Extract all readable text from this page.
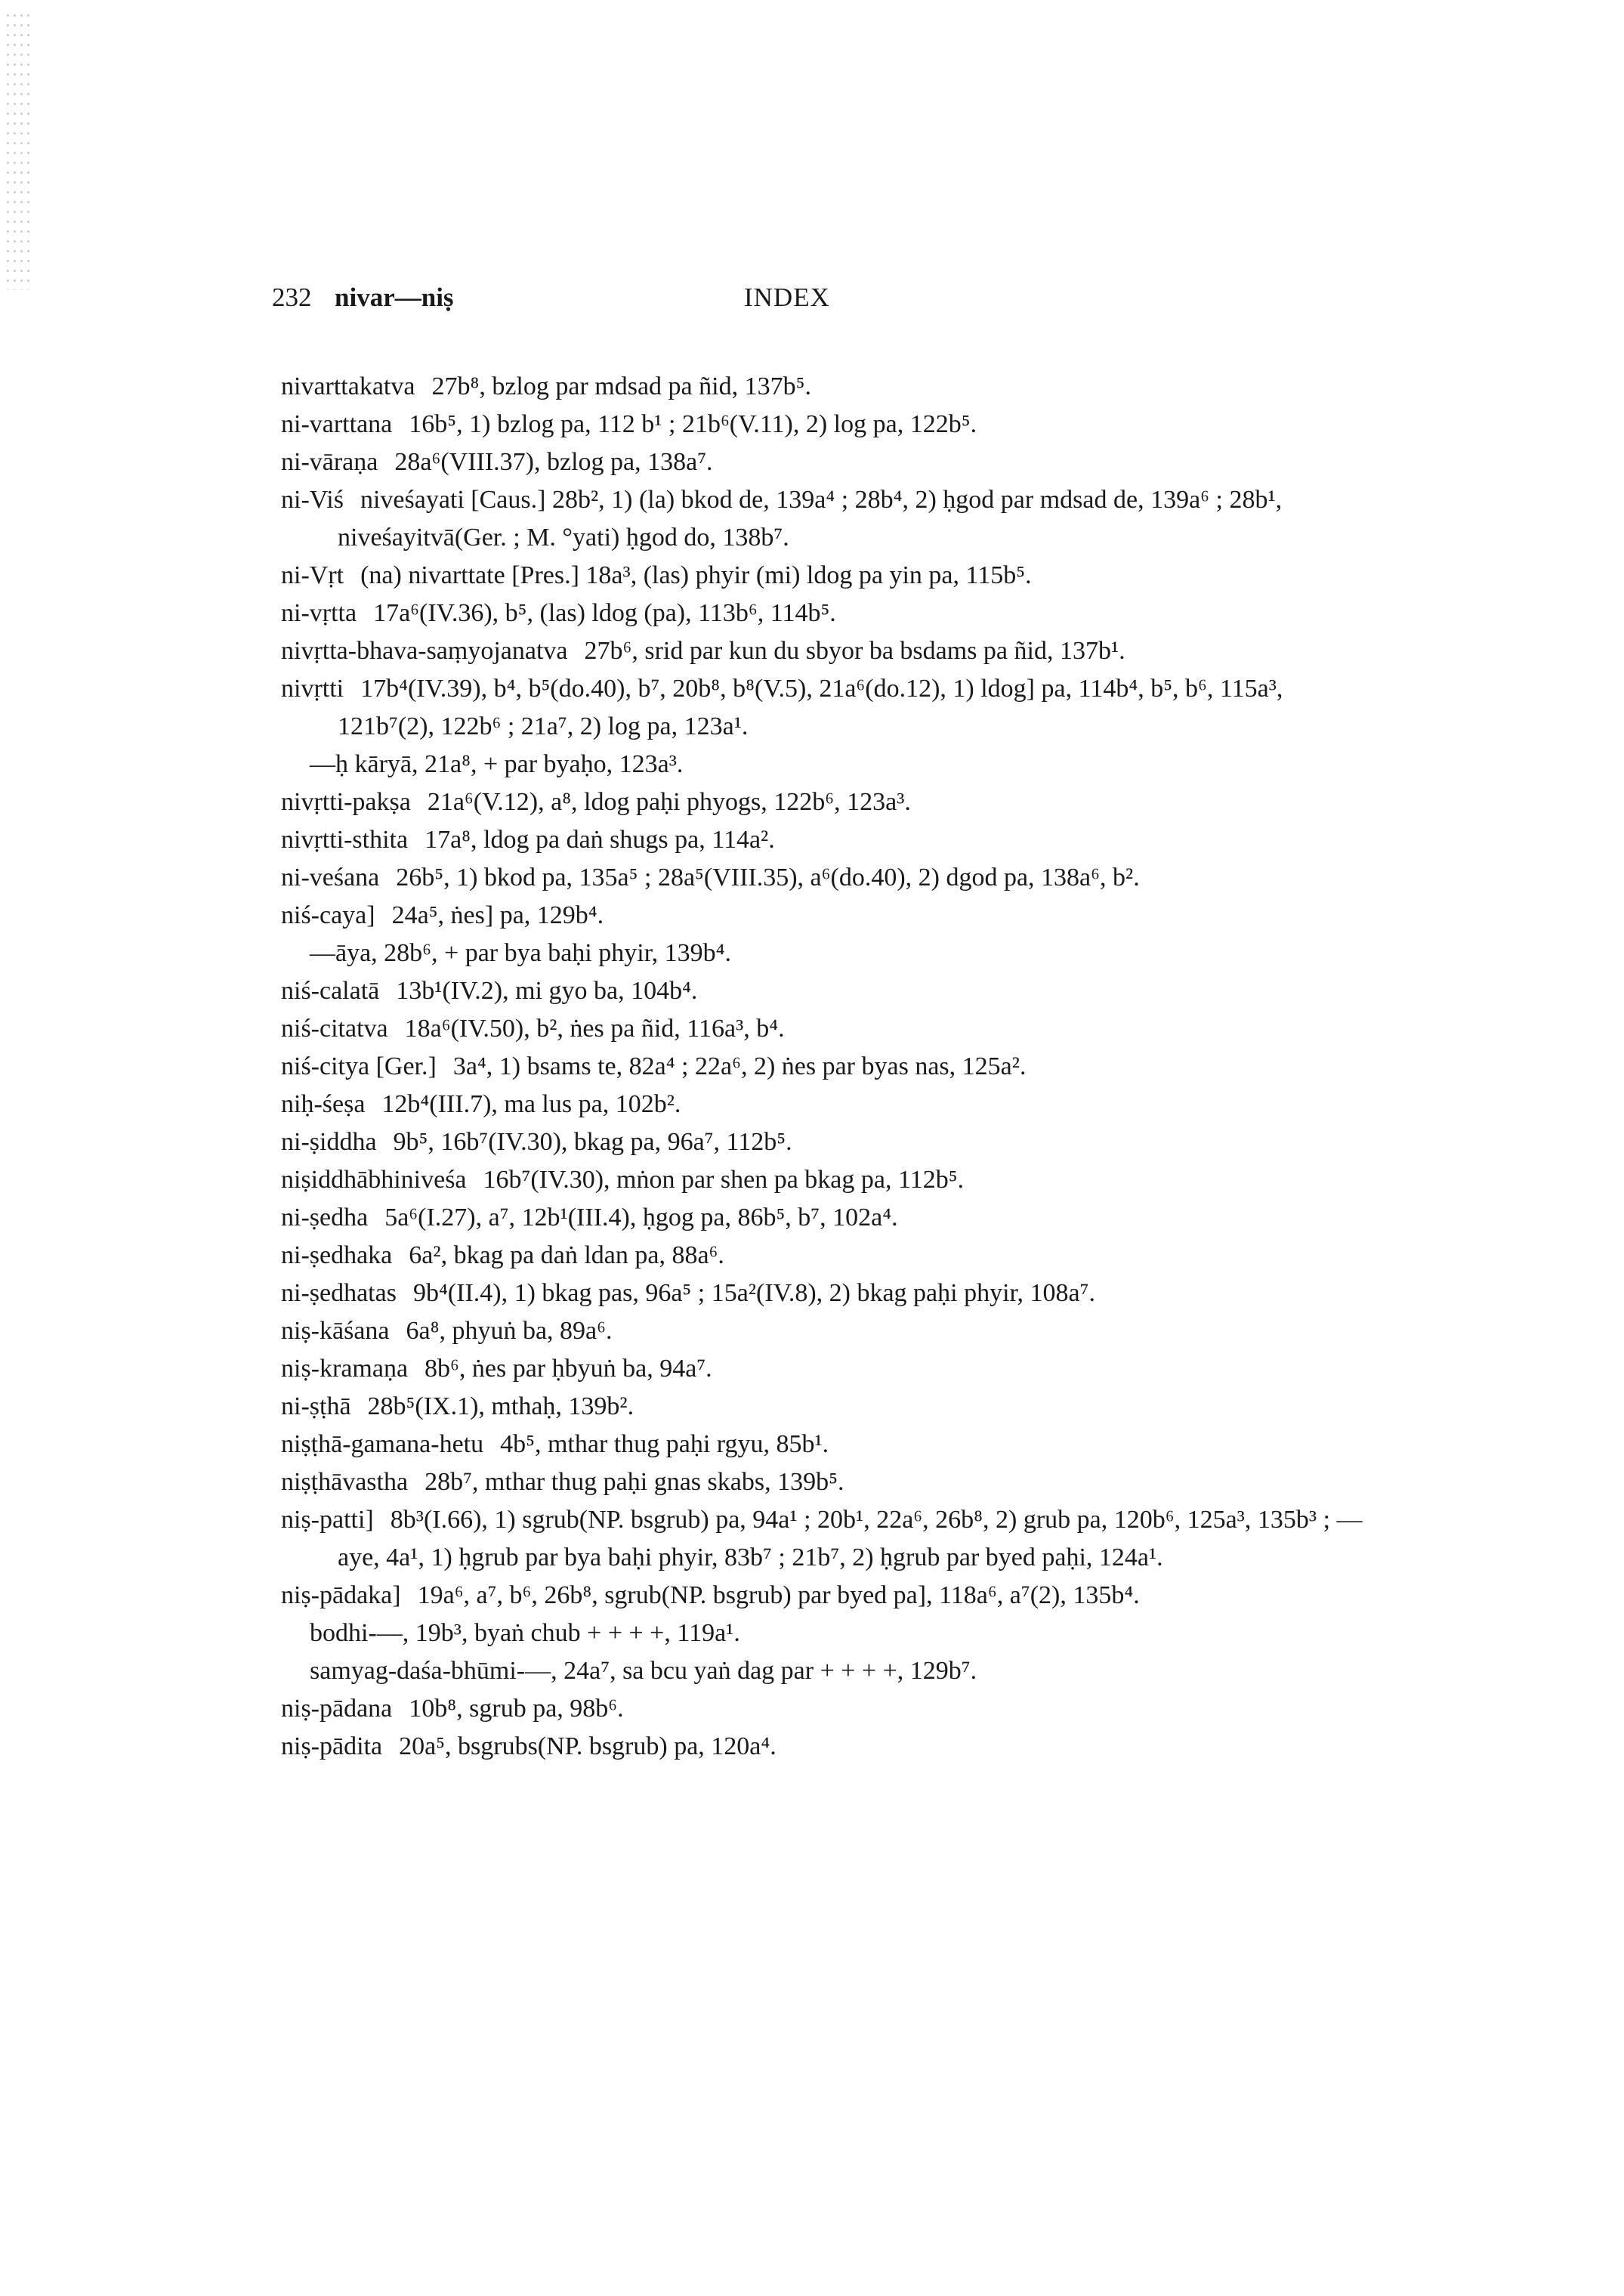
232 nivar—niṣ	INDEX
nivarttakatva 27b⁸, bzlog par mdsad pa ñid, 137b⁵.
ni-varttana 16b⁵, 1) bzlog pa, 112 b¹ ; 21b⁶(V.11), 2) log pa, 122b⁵.
ni-vāraṇa 28a⁶(VIII.37), bzlog pa, 138a⁷.
ni-Viś niveśayati [Caus.] 28b², 1) (la) bkod de, 139a⁴ ; 28b⁴, 2) ḥgod par mdsad de, 139a⁶ ; 28b¹, niveśayitvā(Ger. ; M. °yati) ḥgod do, 138b⁷.
ni-Vṛt (na) nivarttate [Pres.] 18a³, (las) phyir (mi) ldog pa yin pa, 115b⁵.
ni-vṛtta 17a⁶(IV.36), b⁵, (las) ldog (pa), 113b⁶, 114b⁵.
nivṛtta-bhava-saṃyojanatva 27b⁶, srid par kun du sbyor ba bsdams pa ñid, 137b¹.
nivṛtti 17b⁴(IV.39), b⁴, b⁵(do.40), b⁷, 20b⁸, b⁸(V.5), 21a⁶(do.12), 1) ldog] pa, 114b⁴, b⁵, b⁶, 115a³, 121b⁷(2), 122b⁶ ; 21a⁷, 2) log pa, 123a¹.
—ḥ kāryā, 21a⁸, + par byaḥo, 123a³.
nivṛtti-pakṣa 21a⁶(V.12), a⁸, ldog paḥi phyogs, 122b⁶, 123a³.
nivṛtti-sthita 17a⁸, ldog pa daṅ shugs pa, 114a².
ni-veśana 26b⁵, 1) bkod pa, 135a⁵ ; 28a⁵(VIII.35), a⁶(do.40), 2) dgod pa, 138a⁶, b².
niś-caya] 24a⁵, ṅes] pa, 129b⁴.
—āya, 28b⁶, + par bya baḥi phyir, 139b⁴.
niś-calatā 13b¹(IV.2), mi gyo ba, 104b⁴.
niś-citatva 18a⁶(IV.50), b², ṅes pa ñid, 116a³, b⁴.
niś-citya [Ger.] 3a⁴, 1) bsams te, 82a⁴ ; 22a⁶, 2) ṅes par byas nas, 125a².
niḥ-śeṣa 12b⁴(III.7), ma lus pa, 102b².
ni-ṣiddha 9b⁵, 16b⁷(IV.30), bkag pa, 96a⁷, 112b⁵.
niṣiddhābhiniveśa 16b⁷(IV.30), mṅon par shen pa bkag pa, 112b⁵.
ni-ṣedha 5a⁶(I.27), a⁷, 12b¹(III.4), ḥgog pa, 86b⁵, b⁷, 102a⁴.
ni-ṣedhaka 6a², bkag pa daṅ ldan pa, 88a⁶.
ni-ṣedhatas 9b⁴(II.4), 1) bkag pas, 96a⁵ ; 15a²(IV.8), 2) bkag paḥi phyir, 108a⁷.
niṣ-kāśana 6a⁸, phyuṅ ba, 89a⁶.
niṣ-kramaṇa 8b⁶, ṅes par ḥbyuṅ ba, 94a⁷.
ni-ṣṭhā 28b⁵(IX.1), mthaḥ, 139b².
niṣṭhā-gamana-hetu 4b⁵, mthar thug paḥi rgyu, 85b¹.
niṣṭhāvastha 28b⁷, mthar thug paḥi gnas skabs, 139b⁵.
niṣ-patti] 8b³(I.66), 1) sgrub(NP. bsgrub) pa, 94a¹ ; 20b¹, 22a⁶, 26b⁸, 2) grub pa, 120b⁶, 125a³, 135b³ ; —aye, 4a¹, 1) ḥgrub par bya baḥi phyir, 83b⁷ ; 21b⁷, 2) ḥgrub par byed paḥi, 124a¹.
niṣ-pādaka] 19a⁶, a⁷, b⁶, 26b⁸, sgrub(NP. bsgrub) par byed pa], 118a⁶, a⁷(2), 135b⁴.
bodhi-—, 19b³, byaṅ chub + + + +, 119a¹.
samyag-daśa-bhūmi-—, 24a⁷, sa bcu yaṅ dag par + + + +, 129b⁷.
niṣ-pādana 10b⁸, sgrub pa, 98b⁶.
niṣ-pādita 20a⁵, bsgrubs(NP. bsgrub) pa, 120a⁴.
